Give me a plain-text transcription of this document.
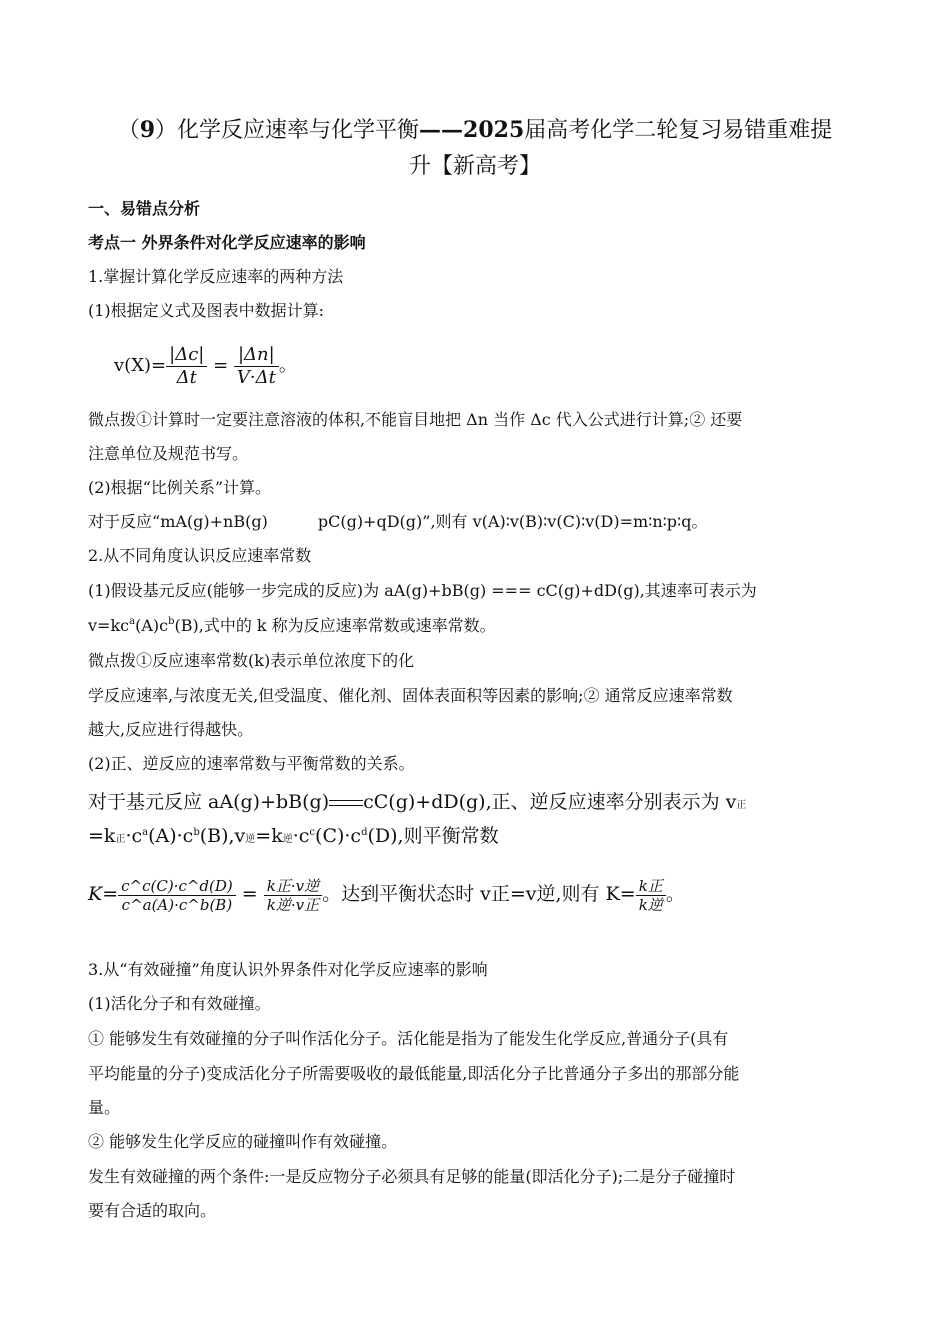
（9）化学反应速率与化学平衡——2025届高考化学二轮复习易错重难提
升【新高考】
一、易错点分析
考点一 外界条件对化学反应速率的影响
1.掌握计算化学反应速率的两种方法
(1)根据定义式及图表中数据计算:
$v(X)= \frac{|\Delta c|}{\Delta t} = \frac{|\Delta n|}{V\cdot\Delta t}$ 。
微点拨①计算时一定要注意溶液的体积,不能盲目地把 Δn 当作 Δc 代入公式进行计算;② 还要
注意单位及规范书写。
(2)根据“比例关系”计算。
对于反应“mA(g)+nB(g)	pC(g)+qD(g)”,则有 v(A)∶v(B)∶v(C)∶v(D)=m∶n∶p∶q。
2.从不同角度认识反应速率常数
(1)假设基元反应(能够一步完成的反应)为 aA(g)+bB(g) === cC(g)+dD(g),其速率可表示为
$v=kc^a(A)c^b(B)$,式中的 k 称为反应速率常数或速率常数。
微点拨①反应速率常数(k)表示单位浓度下的化
学反应速率,与浓度无关,但受温度、催化剂、固体表面积等因素的影响;② 通常反应速率常数
越大,反应进行得越快。
(2)正、逆反应的速率常数与平衡常数的关系。
对于基元反应 aA(g)+bB(g) cC(g)+dD(g),正、逆反应速率分别表示为 v正
=k正$\cdot c^a(A)\cdot c^b(B),v$逆=k逆$\cdot c^c(C)\cdot c^d(D)$,则平衡常数
$K= \frac{c\^{}c(C)\cdot c\^{}d(D)}{c\^{}a(A)\cdot c\^{}b(B)} = \frac{\text{k正·v逆}}{\text{k逆·v正}}$ 。达到平衡状态时 v正=v逆,则有 $K= \frac{\text{k正}}{\text{k逆}}$ 。
3.从“有效碰撞”角度认识外界条件对化学反应速率的影响
(1)活化分子和有效碰撞。
① 能够发生有效碰撞的分子叫作活化分子。活化能是指为了能发生化学反应,普通分子(具有
平均能量的分子)变成活化分子所需要吸收的最低能量,即活化分子比普通分子多出的那部分能
量。
② 能够发生化学反应的碰撞叫作有效碰撞。
发生有效碰撞的两个条件:一是反应物分子必须具有足够的能量(即活化分子);二是分子碰撞时
要有合适的取向。
